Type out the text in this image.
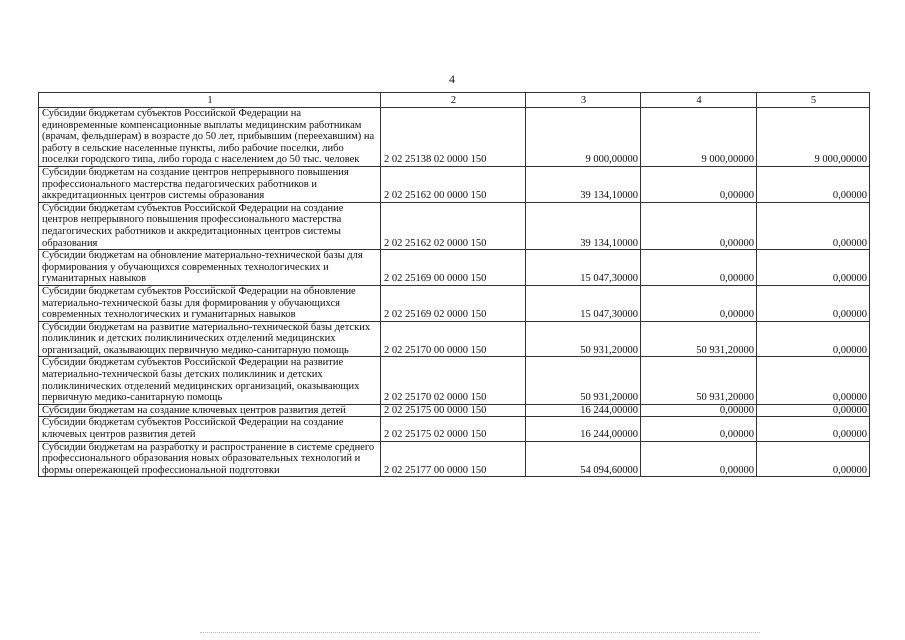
4
1	2	3	4	5
Субсидии бюджетам субъектов Российской Федерации на единовременные компенсационные выплаты медицинским работникам (врачам, фельдшерам) в возрасте до 50 лет, прибывшим (переехавшим) на работу в сельские населенные пункты, либо рабочие поселки, либо поселки городского типа, либо города с населением до 50 тыс. человек	2 02 25138 02 0000 150	9 000,00000	9 000,00000	9 000,00000
Субсидии бюджетам на создание центров непрерывного повышения профессионального мастерства педагогических работников и аккредитационных центров системы образования	2 02 25162 00 0000 150	39 134,10000	0,00000	0,00000
Субсидии бюджетам субъектов Российской Федерации на создание центров непрерывного повышения профессионального мастерства педагогических работников и аккредитационных центров системы образования	2 02 25162 02 0000 150	39 134,10000	0,00000	0,00000
Субсидии бюджетам на обновление материально-технической базы для формирования у обучающихся современных технологических и гуманитарных навыков	2 02 25169 00 0000 150	15 047,30000	0,00000	0,00000
Субсидии бюджетам субъектов Российской Федерации на обновление материально-технической базы для формирования у обучающихся современных технологических и гуманитарных навыков	2 02 25169 02 0000 150	15 047,30000	0,00000	0,00000
Субсидии бюджетам на развитие материально-технической базы детских поликлиник и детских поликлинических отделений медицинских организаций, оказывающих первичную медико-санитарную помощь	2 02 25170 00 0000 150	50 931,20000	50 931,20000	0,00000
Субсидии бюджетам субъектов Российской Федерации на развитие материально-технической базы детских поликлиник и детских поликлинических отделений медицинских организаций, оказывающих первичную медико-санитарную помощь	2 02 25170 02 0000 150	50 931,20000	50 931,20000	0,00000
Субсидии бюджетам на создание ключевых центров развития детей	2 02 25175 00 0000 150	16 244,00000	0,00000	0,00000
Субсидии бюджетам субъектов Российской Федерации на создание ключевых центров развития детей	2 02 25175 02 0000 150	16 244,00000	0,00000	0,00000
Субсидии бюджетам на разработку и распространение в системе среднего профессионального образования новых образовательных технологий и формы опережающей профессиональной подготовки	2 02 25177 00 0000 150	54 094,60000	0,00000	0,00000
